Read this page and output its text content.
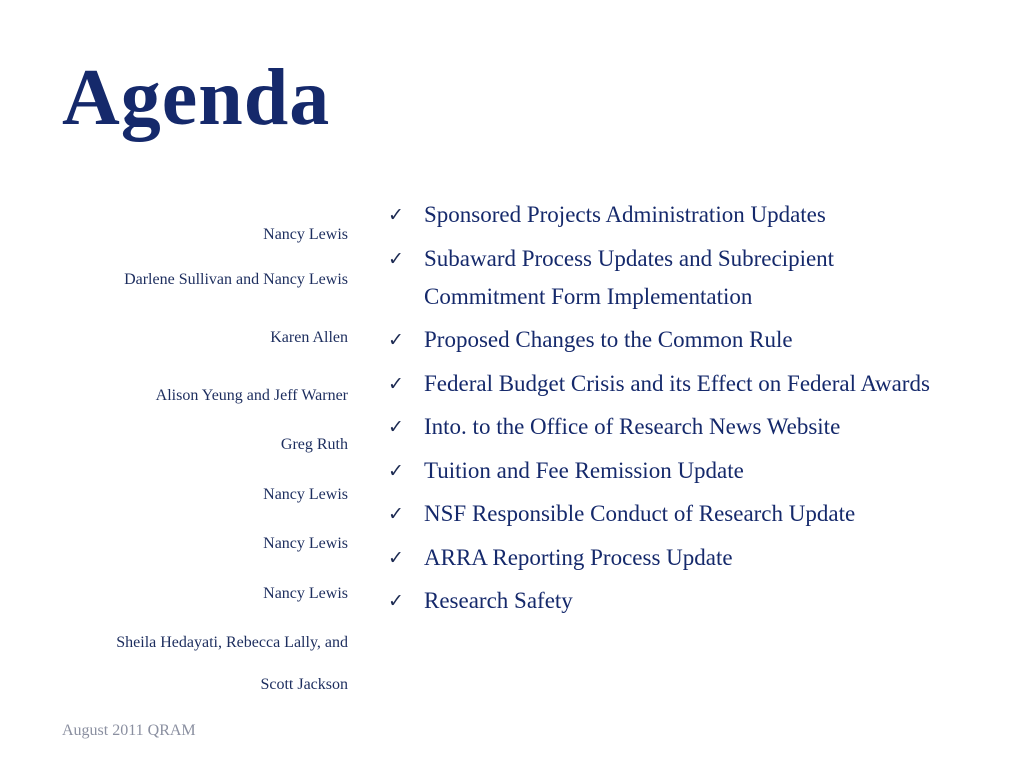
Agenda
Nancy Lewis
Darlene Sullivan and Nancy Lewis
Karen Allen
Alison Yeung and Jeff Warner
Greg Ruth
Nancy Lewis
Nancy Lewis
Nancy Lewis
Sheila Hedayati, Rebecca Lally, and
Scott Jackson
✓ Sponsored Projects Administration Updates
✓ Subaward Process Updates and Subrecipient Commitment Form Implementation
✓ Proposed Changes to the Common Rule
✓ Federal Budget Crisis and its Effect on Federal Awards
✓ Into. to the Office of Research News Website
✓ Tuition and Fee Remission Update
✓ NSF Responsible Conduct of Research Update
✓ ARRA Reporting Process Update
✓ Research Safety
August 2011 QRAM
